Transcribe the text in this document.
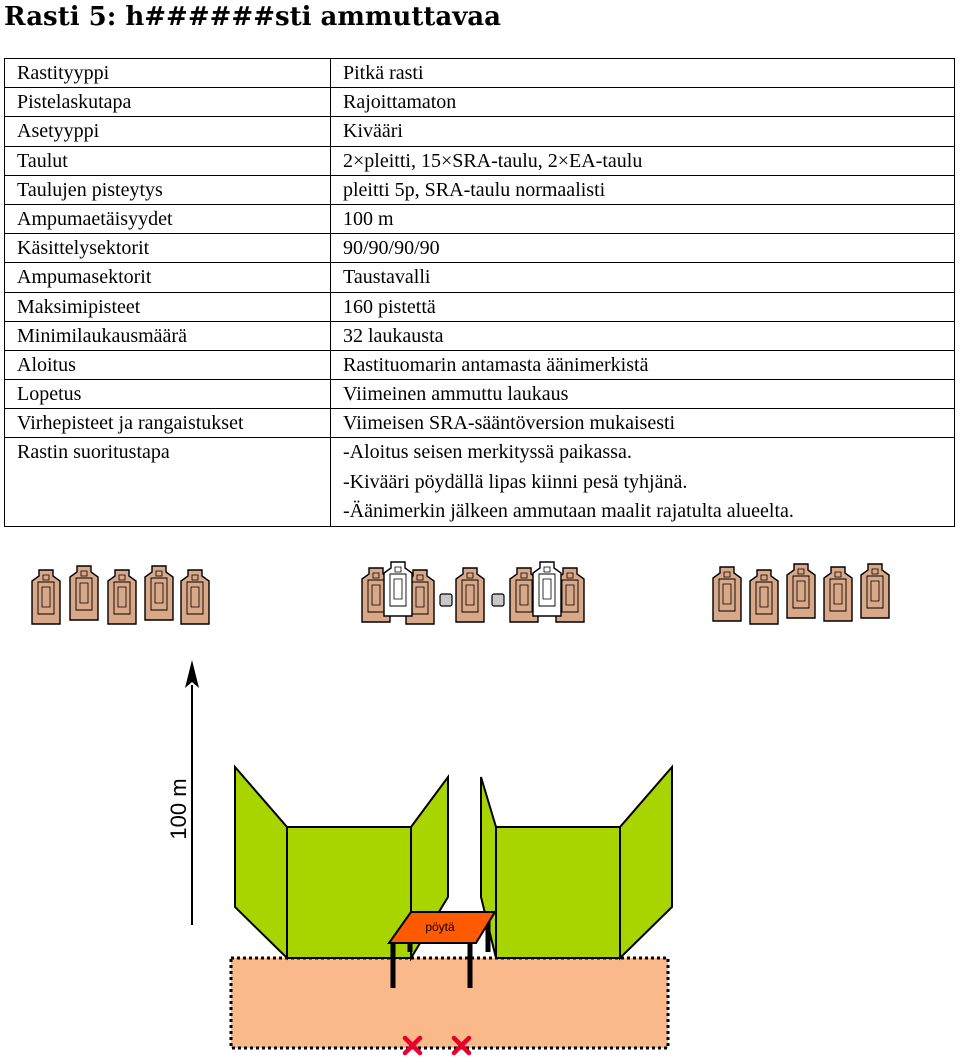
Rasti 5: h######sti ammuttavaa
Rastityyppi	Pitkä rasti
Pistelaskutapa	Rajoittamaton
Asetyyppi	Kivääri
Taulut	2×pleitti, 15×SRA-taulu, 2×EA-taulu
Taulujen pisteytys	pleitti 5p, SRA-taulu normaalisti
Ampumaetäisyydet	100 m
Käsittelysektorit	90/90/90/90
Ampumasektorit	Taustavalli
Maksimipisteet	160 pistettä
Minimilaukausmäärä	32 laukausta
Aloitus	Rastituomarin antamasta äänimerkistä
Lopetus	Viimeinen ammuttu laukaus
Virhepisteet ja rangaistukset	Viimeisen SRA-sääntöversion mukaisesti
Rastin suoritustapa	-Aloitus seisen merkityssä paikassa.
-Kivääri pöydällä lipas kiinni pesä tyhjänä.
-Äänimerkin jälkeen ammutaan maalit rajatulta alueelta.
100 m
pöytä
